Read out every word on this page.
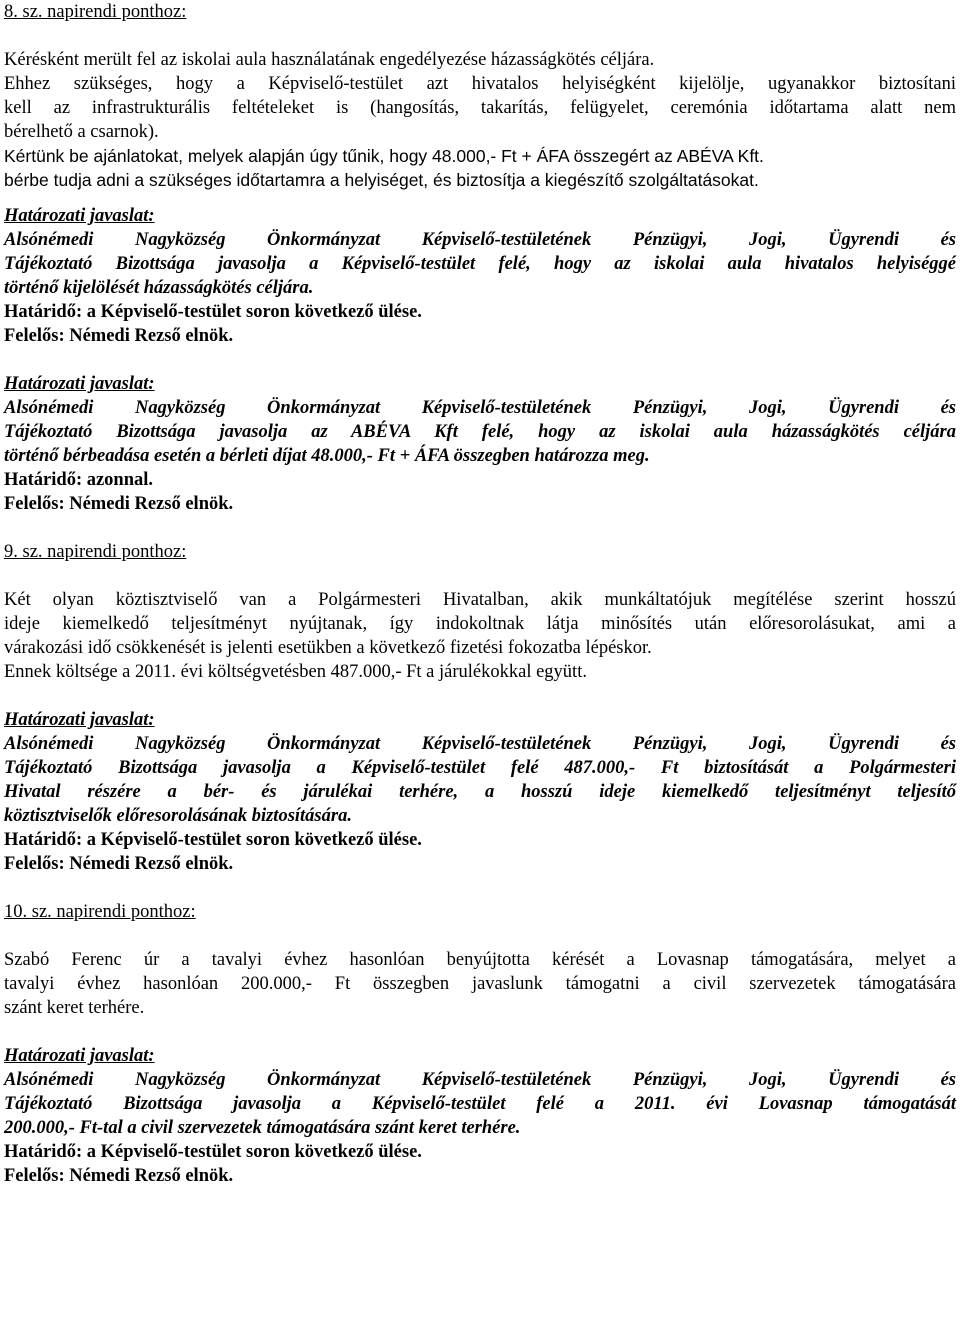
8. sz. napirendi ponthoz:

Kérésként merült fel az iskolai aula használatának engedélyezése házasságkötés céljára.
Ehhez szükséges, hogy a Képviselő-testület azt hivatalos helyiségként kijelölje, ugyanakkor biztosítani
kell az infrastrukturális feltételeket is (hangosítás, takarítás, felügyelet, ceremónia időtartama alatt nem
bérelhető a csarnok).
Kértünk be ajánlatokat, melyek alapján úgy tűnik, hogy 48.000,- Ft + ÁFA összegért az ABÉVA Kft.
bérbe tudja adni a szükséges időtartamra a helyiséget, és biztosítja a kiegészítő szolgáltatásokat.

Határozati javaslat:

Alsónémedi Nagyközség Önkormányzat Képviselő-testületének Pénzügyi, Jogi, Ügyrendi és
Tájékoztató Bizottsága javasolja a Képviselő-testület felé, hogy az iskolai aula hivatalos helyiséggé
történő kijelölését házasságkötés céljára.

Határidő: a Képviselő-testület soron következő ülése.

Felelős: Némedi Rezső elnök.

Határozati javaslat:

Alsónémedi Nagyközség Önkormányzat Képviselő-testületének Pénzügyi, Jogi, Ügyrendi és
Tájékoztató Bizottsága javasolja az ABÉVA Kft felé, hogy az iskolai aula házasságkötés céljára
történő bérbeadása esetén a bérleti díjat 48.000,- Ft + ÁFA összegben határozza meg.

Határidő: azonnal.

Felelős: Némedi Rezső elnök.

9. sz. napirendi ponthoz:

Két olyan köztisztviselő van a Polgármesteri Hivatalban, akik munkáltatójuk megítélése szerint hosszú
ideje kiemelkedő teljesítményt nyújtanak, így indokoltnak látja minősítés után előresorolásukat, ami a
várakozási idő csökkenését is jelenti esetükben a következő fizetési fokozatba lépéskor.
Ennek költsége a 2011. évi költségvetésben 487.000,- Ft a járulékokkal együtt.

Határozati javaslat:

Alsónémedi Nagyközség Önkormányzat Képviselő-testületének Pénzügyi, Jogi, Ügyrendi és
Tájékoztató Bizottsága javasolja a Képviselő-testület felé 487.000,- Ft biztosítását a Polgármesteri
Hivatal részére a bér- és járulékai terhére, a hosszú ideje kiemelkedő teljesítményt teljesítő
köztisztviselők előresorolásának biztosítására.

Határidő: a Képviselő-testület soron következő ülése.

Felelős: Némedi Rezső elnök.

10. sz. napirendi ponthoz:

Szabó Ferenc úr a tavalyi évhez hasonlóan benyújtotta kérését a Lovasnap támogatására, melyet a
tavalyi évhez hasonlóan 200.000,- Ft összegben javaslunk támogatni a civil szervezetek támogatására
szánt keret terhére.

Határozati javaslat:

Alsónémedi Nagyközség Önkormányzat Képviselő-testületének Pénzügyi, Jogi, Ügyrendi és
Tájékoztató Bizottsága javasolja a Képviselő-testület felé a 2011. évi Lovasnap támogatását
200.000,- Ft-tal a civil szervezetek támogatására szánt keret terhére.

Határidő: a Képviselő-testület soron következő ülése.

Felelős: Némedi Rezső elnök.
